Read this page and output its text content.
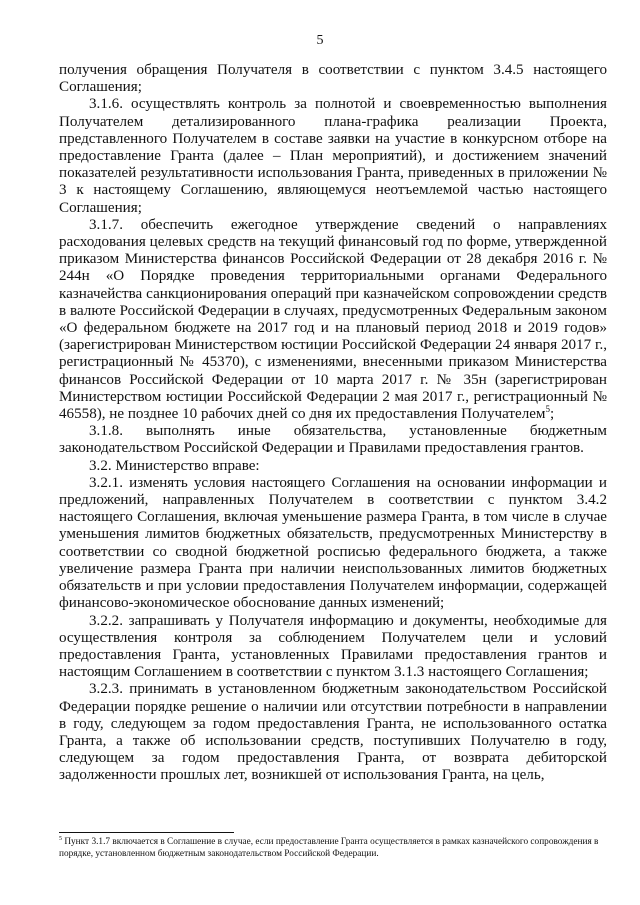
5

получения обращения Получателя в соответствии с пунктом 3.4.5 настоящего Соглашения;

3.1.6. осуществлять контроль за полнотой и своевременностью выполнения Получателем детализированного плана-графика реализации Проекта, представленного Получателем в составе заявки на участие в конкурсном отборе на предоставление Гранта (далее – План мероприятий), и достижением значений показателей результативности использования Гранта, приведенных в приложении № 3 к настоящему Соглашению, являющемуся неотъемлемой частью настоящего Соглашения;

3.1.7. обеспечить ежегодное утверждение сведений о направлениях расходования целевых средств на текущий финансовый год по форме, утвержденной приказом Министерства финансов Российской Федерации от 28 декабря 2016 г. № 244н «О Порядке проведения территориальными органами Федерального казначейства санкционирования операций при казначейском сопровождении средств в валюте Российской Федерации в случаях, предусмотренных Федеральным законом «О федеральном бюджете на 2017 год и на плановый период 2018 и 2019 годов» (зарегистрирован Министерством юстиции Российской Федерации 24 января 2017 г., регистрационный № 45370), с изменениями, внесенными приказом Министерства финансов Российской Федерации от 10 марта 2017 г. № 35н (зарегистрирован Министерством юстиции Российской Федерации 2 мая 2017 г., регистрационный № 46558), не позднее 10 рабочих дней со дня их предоставления Получателем$^5$;

3.1.8. выполнять иные обязательства, установленные бюджетным законодательством Российской Федерации и Правилами предоставления грантов.

3.2. Министерство вправе:

3.2.1. изменять условия настоящего Соглашения на основании информации и предложений, направленных Получателем в соответствии с пунктом 3.4.2 настоящего Соглашения, включая уменьшение размера Гранта, в том числе в случае уменьшения лимитов бюджетных обязательств, предусмотренных Министерству в соответствии со сводной бюджетной росписью федерального бюджета, а также увеличение размера Гранта при наличии неиспользованных лимитов бюджетных обязательств и при условии предоставления Получателем информации, содержащей финансово-экономическое обоснование данных изменений;

3.2.2. запрашивать у Получателя информацию и документы, необходимые для осуществления контроля за соблюдением Получателем цели и условий предоставления Гранта, установленных Правилами предоставления грантов и настоящим Соглашением в соответствии с пунктом 3.1.3 настоящего Соглашения;

3.2.3. принимать в установленном бюджетным законодательством Российской Федерации порядке решение о наличии или отсутствии потребности в направлении в году, следующем за годом предоставления Гранта, не использованного остатка Гранта, а также об использовании средств, поступивших Получателю в году, следующем за годом предоставления Гранта, от возврата дебиторской задолженности прошлых лет, возникшей от использования Гранта, на цель,

$^5$ Пункт 3.1.7 включается в Соглашение в случае, если предоставление Гранта осуществляется в рамках казначейского сопровождения в порядке, установленном бюджетным законодательством Российской Федерации.
